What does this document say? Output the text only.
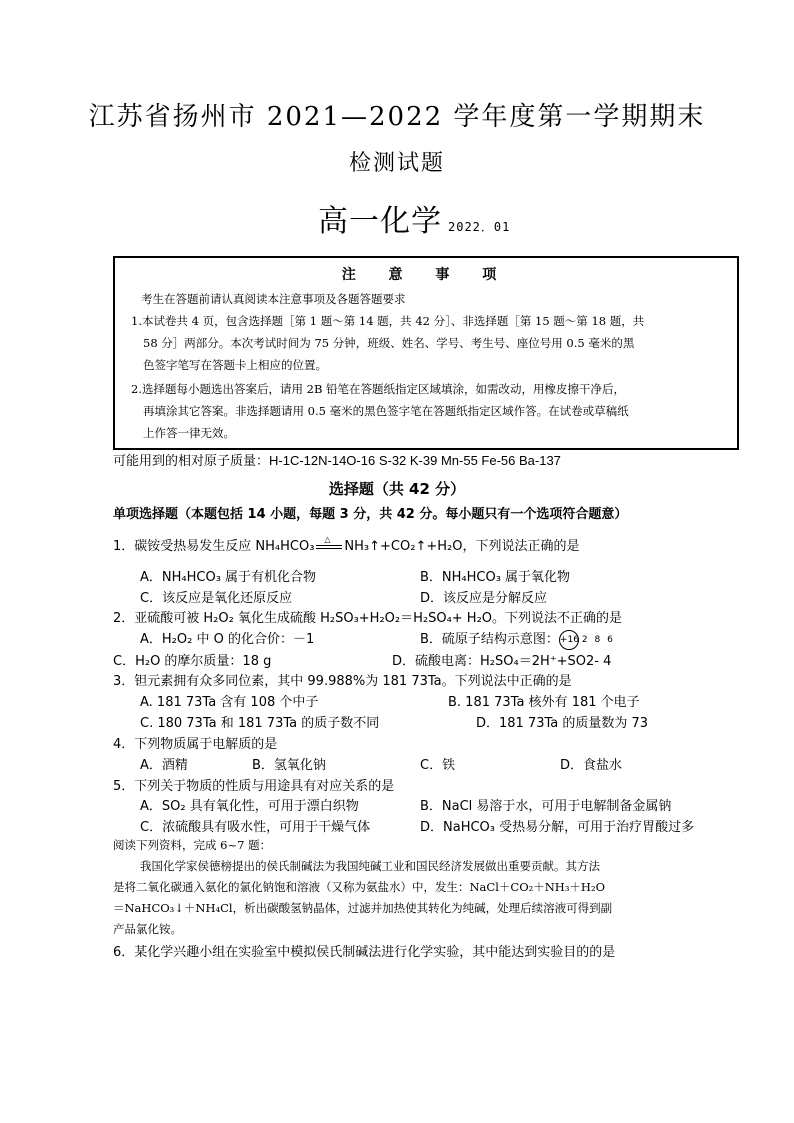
江苏省扬州市 2021—2022 学年度第一学期期末
检测试题
高一化学 2022．01
注 意 事 项
考生在答题前请认真阅读本注意事项及各题答题要求
1.本试卷共 4 页，包含选择题［第 1 题～第 14 题，共 42 分］、非选择题［第 15 题～第 18 题，共
58 分］两部分。本次考试时间为 75 分钟，班级、姓名、学号、考生号、座位号用 0.5 毫米的黑
色签字笔写在答题卡上相应的位置。
2.选择题每小题选出答案后，请用 2B 铅笔在答题纸指定区域填涂，如需改动，用橡皮擦干净后，
再填涂其它答案。非选择题请用 0.5 毫米的黑色签字笔在答题纸指定区域作答。在试卷或草稿纸
上作答一律无效。
可能用到的相对原子质量：H-1C-12N-14O-16 S-32 K-39 Mn-55 Fe-56 Ba-137
选择题（共 42 分）
单项选择题（本题包括 14 小题，每题 3 分，共 42 分。每小题只有一个选项符合题意）
1．碳铵受热易发生反应 NH₄HCO₃ △ NH₃↑+CO₂↑+H₂O，下列说法正确的是
A．NH₄HCO₃ 属于有机化合物	B．NH₄HCO₃ 属于氧化物
C．该反应是氧化还原反应	D．该反应是分解反应
2．亚硫酸可被 H₂O₂ 氧化生成硫酸 H₂SO₃+H₂O₂＝H₂SO₄+ H₂O。下列说法不正确的是
A．H₂O₂ 中 O 的化合价：－1	B．硫原子结构示意图：+16 2 8 6
C．H₂O 的摩尔质量：18 g	D．硫酸电离：H₂SO₄＝2H⁺+SO2- 4
3．钽元素拥有众多同位素，其中 99.988%为 181 73Ta。下列说法中正确的是
A. 181 73Ta 含有 108 个中子	B. 181 73Ta 核外有 181 个电子
C. 180 73Ta 和 181 73Ta 的质子数不同	D．181 73Ta 的质量数为 73
4．下列物质属于电解质的是
A．酒精	B．氢氧化钠	C．铁	D．食盐水
5．下列关于物质的性质与用途具有对应关系的是
A．SO₂ 具有氧化性，可用于漂白织物	B．NaCl 易溶于水，可用于电解制备金属钠
C．浓硫酸具有吸水性，可用于干燥气体	D．NaHCO₃ 受热易分解，可用于治疗胃酸过多
阅读下列资料，完成 6~7 题：
我国化学家侯德榜提出的侯氏制碱法为我国纯碱工业和国民经济发展做出重要贡献。其方法
是将二氧化碳通入氨化的氯化钠饱和溶液（又称为氨盐水）中，发生：NaCl＋CO₂＋NH₃＋H₂O
＝NaHCO₃↓＋NH₄Cl，析出碳酸氢钠晶体，过滤并加热使其转化为纯碱，处理后续溶液可得到副
产品氯化铵。
6．某化学兴趣小组在实验室中模拟侯氏制碱法进行化学实验，其中能达到实验目的的是
